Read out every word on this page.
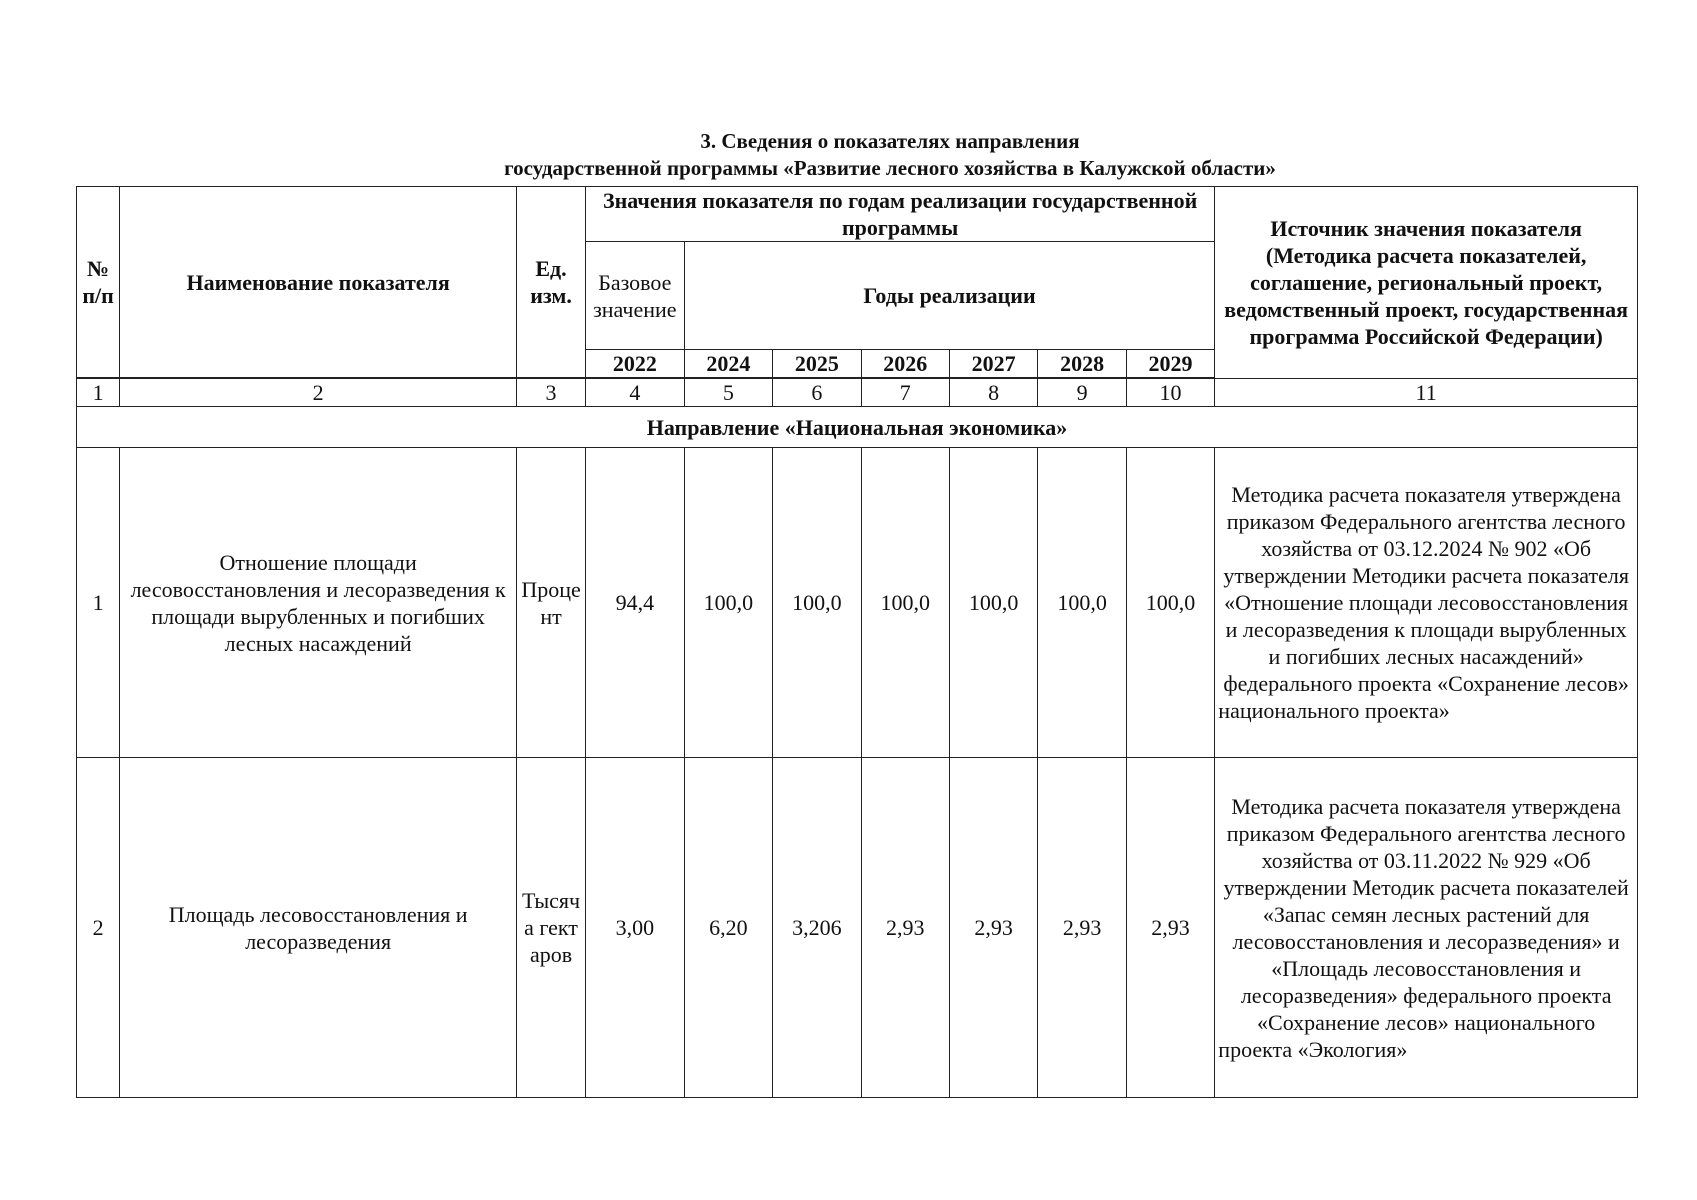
3. Сведения о показателях направления
государственной программы «Развитие лесного хозяйства в Калужской области»
№ п/п	Наименование показателя	Ед. изм.	Значения показателя по годам реализации государственной программы							Источник значения показателя (Методика расчета показателей, соглашение, региональный проект, ведомственный проект, государственная программа Российской Федерации)
			Базовое значение	Годы реализации						
			2022	2024	2025	2026	2027	2028	2029	

1	2	3	4	5	6	7	8	9	10	11
Направление «Национальная экономика»										
1	Отношение площади лесовосстановления и лесоразведения к площади вырубленных и погибших лесных насаждений	Процент	94,4	100,0	100,0	100,0	100,0	100,0	100,0	Методика расчета показателя утверждена приказом Федерального агентства лесного хозяйства от 03.12.2024 № 902 «Об утверждении Методики расчета показателя «Отношение площади лесовосстановления и лесоразведения к площади вырубленных и погибших лесных насаждений» федерального проекта «Сохранение лесов» национального проекта»
2	Площадь лесовосстановления и лесоразведения	Тысяча гектаров	3,00	6,20	3,206	2,93	2,93	2,93	2,93	Методика расчета показателя утверждена приказом Федерального агентства лесного хозяйства от 03.11.2022 № 929 «Об утверждении Методик расчета показателей «Запас семян лесных растений для лесовосстановления и лесоразведения» и «Площадь лесовосстановления и лесоразведения» федерального проекта «Сохранение лесов» национального проекта «Экология»
